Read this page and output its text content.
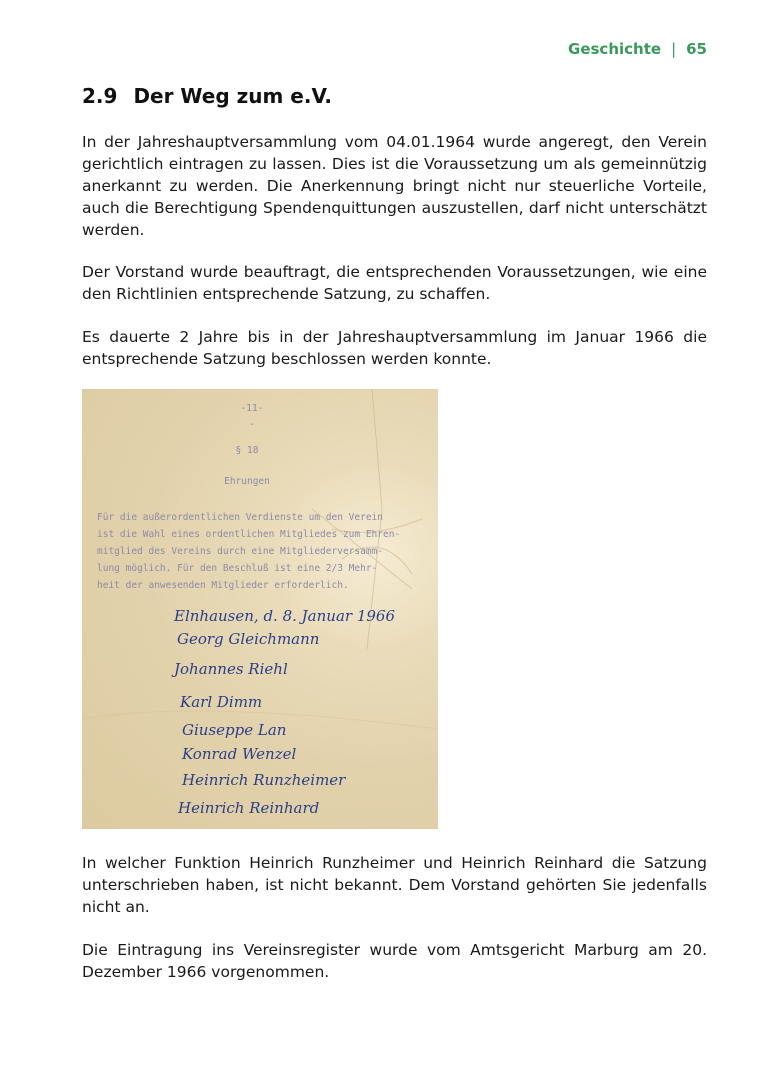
Geschichte | 65
2.9 Der Weg zum e.V.

In der Jahreshauptversammlung vom 04.01.1964 wurde angeregt, den Verein gerichtlich eintragen zu lassen. Dies ist die Voraussetzung um als gemeinnützig anerkannt zu werden. Die Anerkennung bringt nicht nur steuerliche Vorteile, auch die Berechtigung Spendenquittungen auszustellen, darf nicht unterschätzt werden.

Der Vorstand wurde beauftragt, die entsprechenden Voraussetzungen, wie eine den Richtlinien entsprechende Satzung, zu schaffen.

Es dauerte 2 Jahre bis in der Jahreshauptversammlung im Januar 1966 die entsprechende Satzung beschlossen werden konnte.

-11-
-
§ 18
Ehrungen
Für die außerordentlichen Verdienste um den Verein
ist die Wahl eines ordentlichen Mitgliedes zum Ehren-
mitglied des Vereins durch eine Mitgliederversamm-
lung möglich. Für den Beschluß ist eine 2/3 Mehr-
heit der anwesenden Mitglieder erforderlich.
Elnhausen, d. 8. Januar 1966
Georg Gleichmann
Johannes Riehl
Karl Dimm
Giuseppe Lan
Konrad Wenzel
Heinrich Runzheimer
Heinrich Reinhard

In welcher Funktion Heinrich Runzheimer und Heinrich Reinhard die Satzung unterschrieben haben, ist nicht bekannt. Dem Vorstand gehörten Sie jedenfalls nicht an.

Die Eintragung ins Vereinsregister wurde vom Amtsgericht Marburg am 20. Dezember 1966 vorgenommen.
